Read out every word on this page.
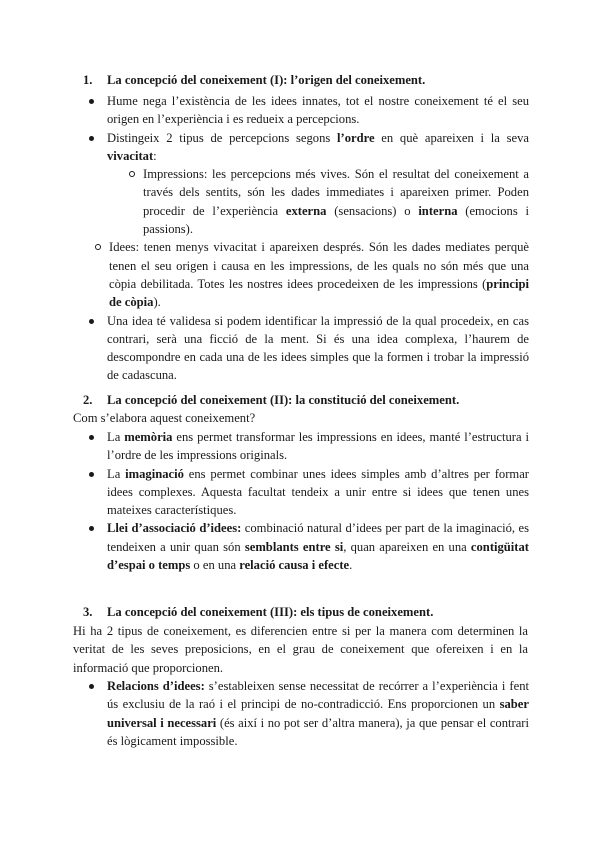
1. La concepció del coneixement (I): l’origen del coneixement.

Hume nega l’existència de les idees innates, tot el nostre coneixement té el seu origen en l’experiència i es redueix a percepcions.

Distingeix 2 tipus de percepcions segons l’ordre en què apareixen i la seva vivacitat:

Impressions: les percepcions més vives. Són el resultat del coneixement a través dels sentits, són les dades immediates i apareixen primer. Poden procedir de l’experiència externa (sensacions) o interna (emocions i passions).

Idees: tenen menys vivacitat i apareixen després. Són les dades mediates perquè tenen el seu origen i causa en les impressions, de les quals no són més que una còpia debilitada. Totes les nostres idees procedeixen de les impressions (principi de còpia).

Una idea té validesa si podem identificar la impressió de la qual procedeix, en cas contrari, serà una ficció de la ment. Si és una idea complexa, l’haurem de descompondre en cada una de les idees simples que la formen i trobar la impressió de cadascuna.

2. La concepció del coneixement (II): la constitució del coneixement.

Com s’elabora aquest coneixement?

La memòria ens permet transformar les impressions en idees, manté l’estructura i l’ordre de les impressions originals.

La imaginació ens permet combinar unes idees simples amb d’altres per formar idees complexes. Aquesta facultat tendeix a unir entre si idees que tenen unes mateixes característiques.

Llei d’associació d’idees: combinació natural d’idees per part de la imaginació, es tendeixen a unir quan són semblants entre si, quan apareixen en una contigüitat d’espai o temps o en una relació causa i efecte.

3. La concepció del coneixement (III): els tipus de coneixement.

Hi ha 2 tipus de coneixement, es diferencien entre si per la manera com determinen la veritat de les seves preposicions, en el grau de coneixement que ofereixen i en la informació que proporcionen.

Relacions d’idees: s’estableixen sense necessitat de recórrer a l’experiència i fent ús exclusiu de la raó i el principi de no-contradicció. Ens proporcionen un saber universal i necessari (és així i no pot ser d’altra manera), ja que pensar el contrari és lògicament impossible.
